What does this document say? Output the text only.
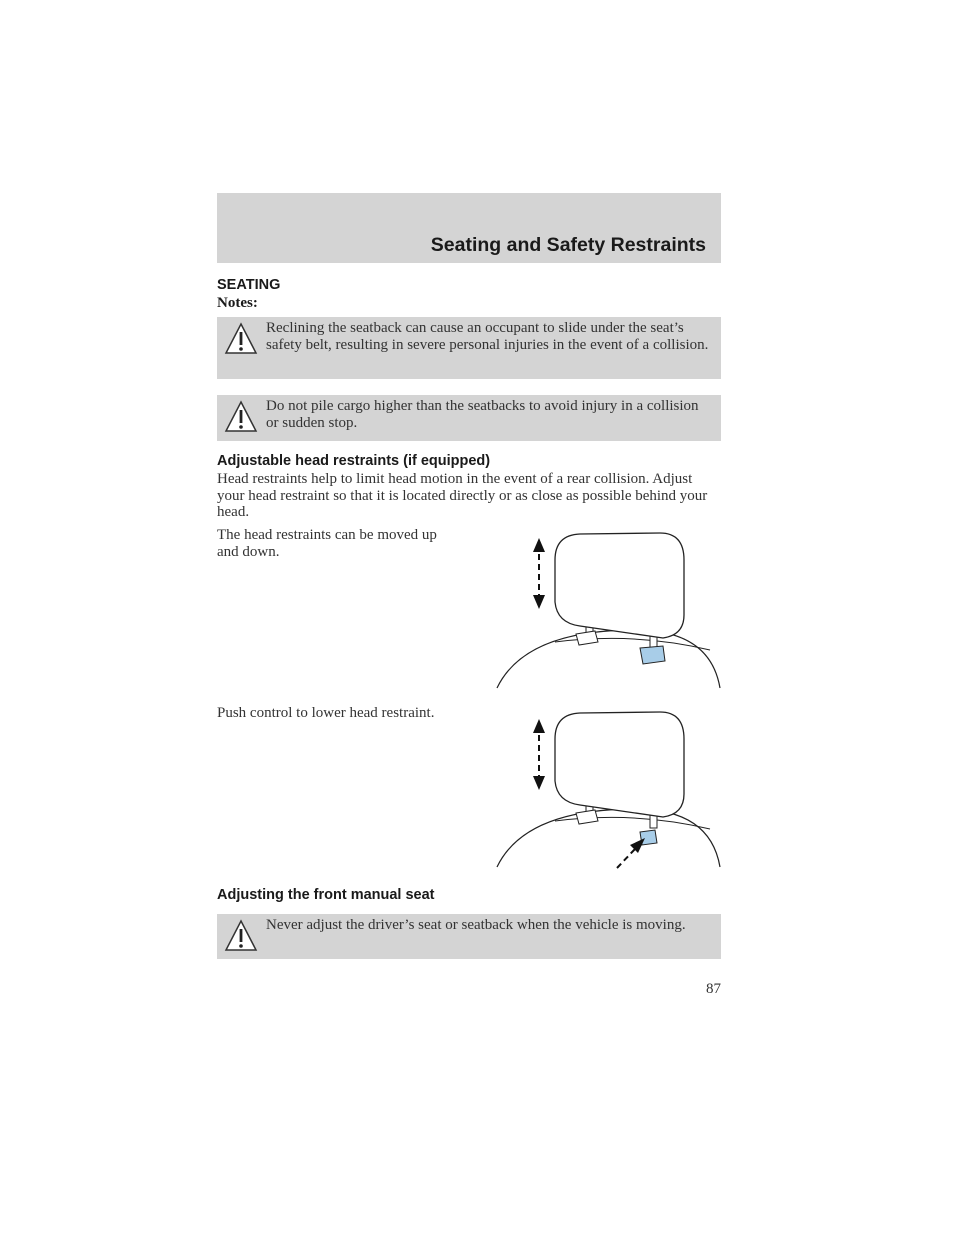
Seating and Safety Restraints
SEATING
Notes:
Reclining the seatback can cause an occupant to slide under the seat’s safety belt, resulting in severe personal injuries in the event of a collision.
Do not pile cargo higher than the seatbacks to avoid injury in a collision or sudden stop.
Adjustable head restraints (if equipped)
Head restraints help to limit head motion in the event of a rear collision. Adjust your head restraint so that it is located directly or as close as possible behind your head.
The head restraints can be moved up and down.
Push control to lower head restraint.
Adjusting the front manual seat
Never adjust the driver’s seat or seatback when the vehicle is moving.
87
